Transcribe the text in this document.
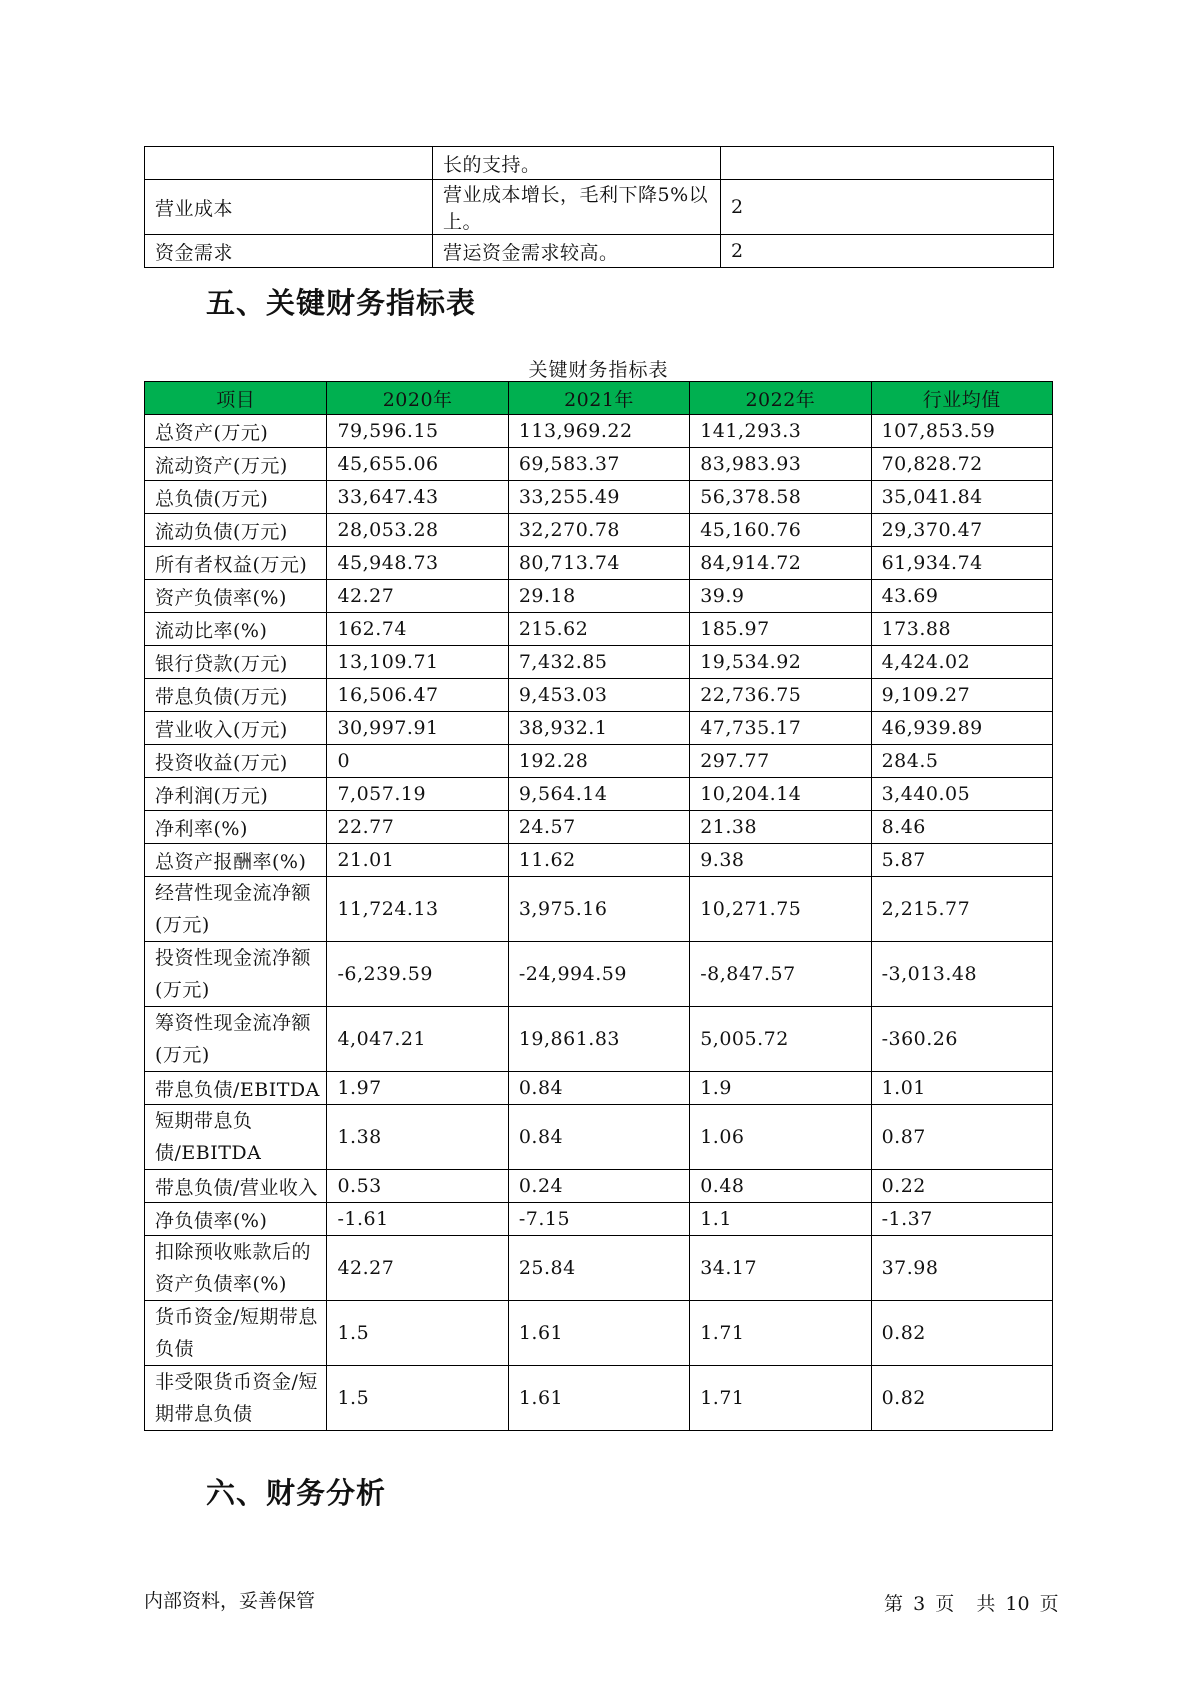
	长的支持。	
营业成本	营业成本增长，毛利下降5%以上。	2
资金需求	营运资金需求较高。	2
五、关键财务指标表
关键财务指标表
项目	2020年	2021年	2022年	行业均值
总资产(万元)	79,596.15	113,969.22	141,293.3	107,853.59
流动资产(万元)	45,655.06	69,583.37	83,983.93	70,828.72
总负债(万元)	33,647.43	33,255.49	56,378.58	35,041.84
流动负债(万元)	28,053.28	32,270.78	45,160.76	29,370.47
所有者权益(万元)	45,948.73	80,713.74	84,914.72	61,934.74
资产负债率(%)	42.27	29.18	39.9	43.69
流动比率(%)	162.74	215.62	185.97	173.88
银行贷款(万元)	13,109.71	7,432.85	19,534.92	4,424.02
带息负债(万元)	16,506.47	9,453.03	22,736.75	9,109.27
营业收入(万元)	30,997.91	38,932.1	47,735.17	46,939.89
投资收益(万元)	0	192.28	297.77	284.5
净利润(万元)	7,057.19	9,564.14	10,204.14	3,440.05
净利率(%)	22.77	24.57	21.38	8.46
总资产报酬率(%)	21.01	11.62	9.38	5.87
经营性现金流净额(万元)	11,724.13	3,975.16	10,271.75	2,215.77
投资性现金流净额(万元)	-6,239.59	-24,994.59	-8,847.57	-3,013.48
筹资性现金流净额(万元)	4,047.21	19,861.83	5,005.72	-360.26
带息负债/EBITDA	1.97	0.84	1.9	1.01
短期带息负债/EBITDA	1.38	0.84	1.06	0.87
带息负债/营业收入	0.53	0.24	0.48	0.22
净负债率(%)	-1.61	-7.15	1.1	-1.37
扣除预收账款后的资产负债率(%)	42.27	25.84	34.17	37.98
货币资金/短期带息负债	1.5	1.61	1.71	0.82
非受限货币资金/短期带息负债	1.5	1.61	1.71	0.82
六、财务分析
内部资料，妥善保管	第 3 页 共 10 页
